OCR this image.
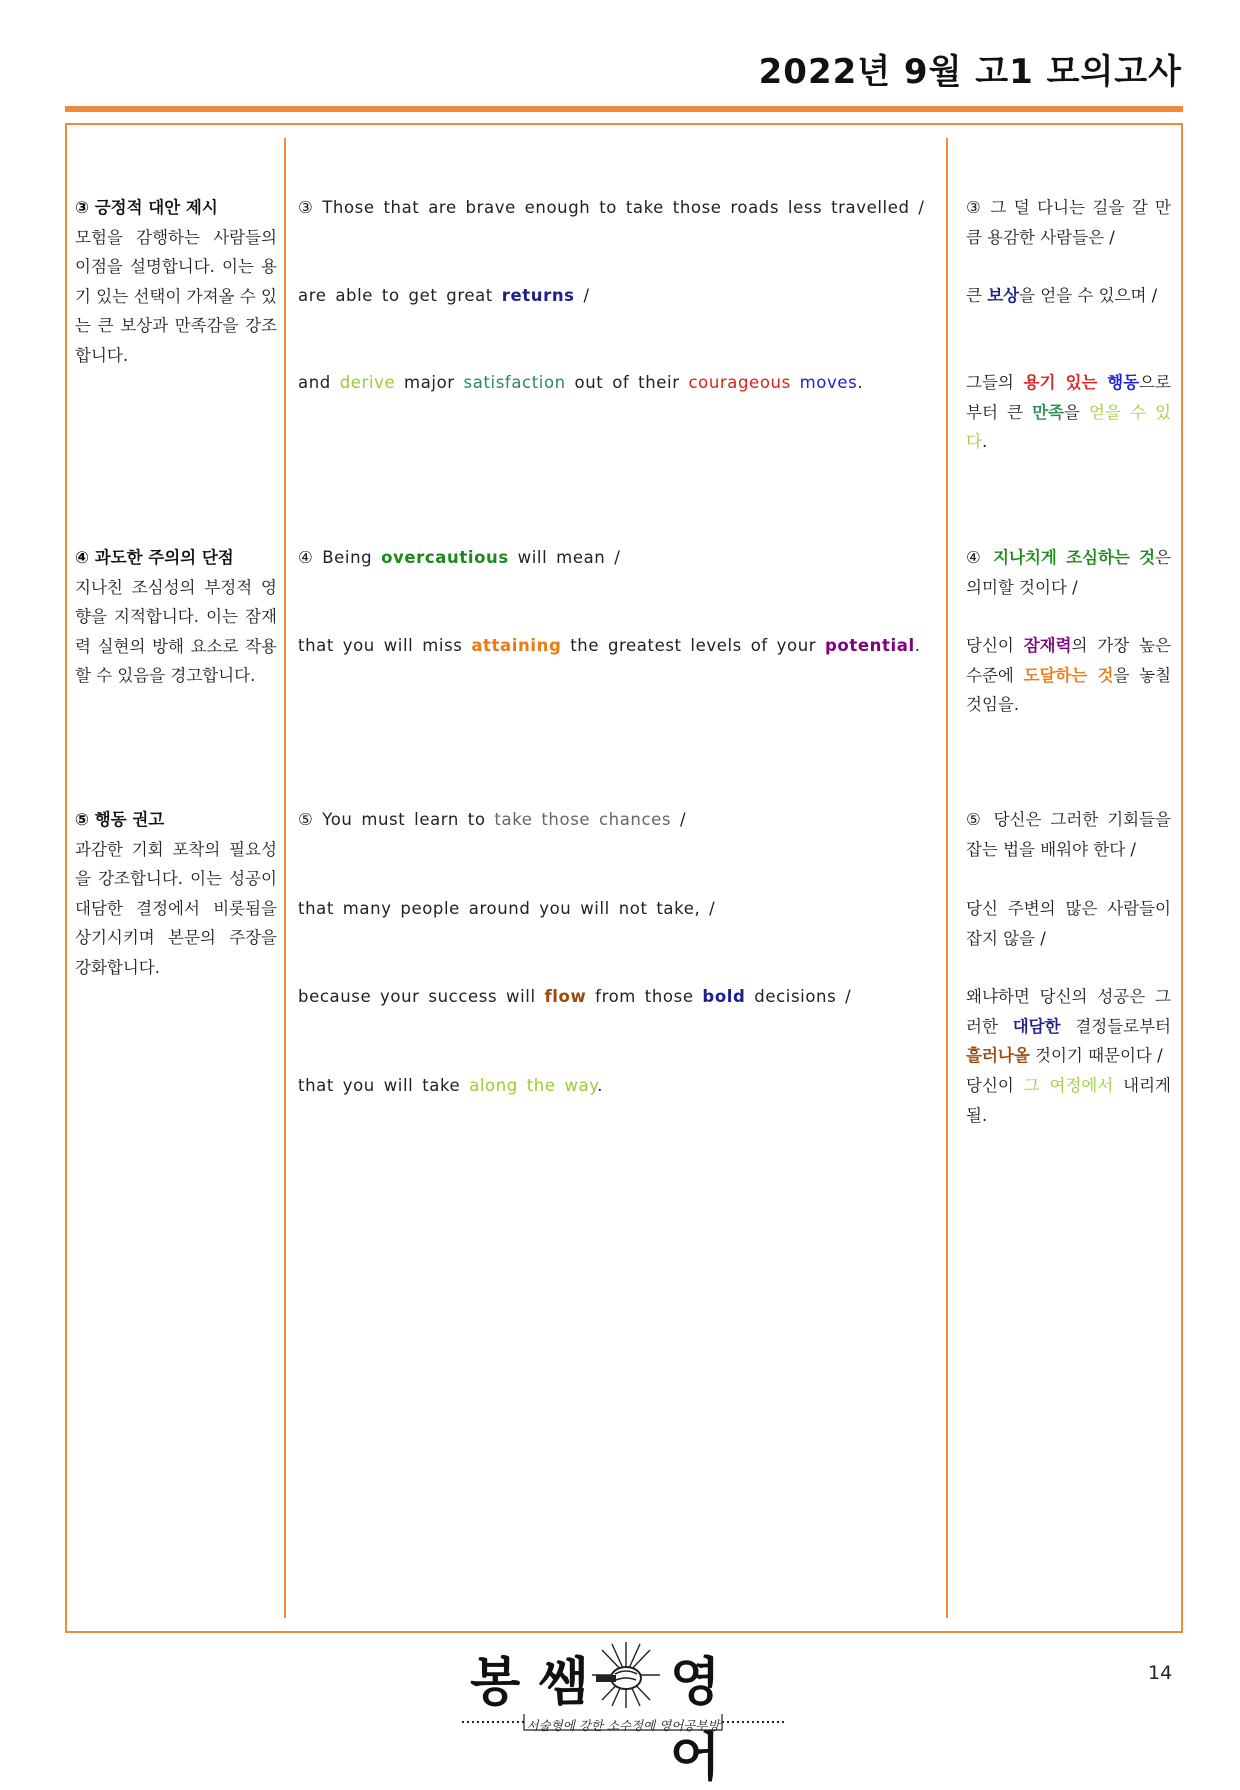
2022년 9월 고1 모의고사
③ 긍정적 대안 제시
모험을 감행하는 사람들의 이점을 설명합니다. 이는 용기 있는 선택이 가져올 수 있는 큰 보상과 만족감을 강조합니다.
③ Those that are brave enough to take those roads less travelled /
are able to get great returns /
and derive major satisfaction out of their courageous moves.
③ 그 덜 다니는 길을 갈 만큼 용감한 사람들은 /
큰 보상을 얻을 수 있으며 /
그들의 용기 있는 행동으로부터 큰 만족을 얻을 수 있다.
④ 과도한 주의의 단점
지나친 조심성의 부정적 영향을 지적합니다. 이는 잠재력 실현의 방해 요소로 작용할 수 있음을 경고합니다.
④ Being overcautious will mean /
that you will miss attaining the greatest levels of your potential.
④ 지나치게 조심하는 것은 의미할 것이다 /
당신이 잠재력의 가장 높은 수준에 도달하는 것을 놓칠 것임을.
⑤ 행동 권고
과감한 기회 포착의 필요성을 강조합니다. 이는 성공이 대담한 결정에서 비롯됨을 상기시키며 본문의 주장을 강화합니다.
⑤ You must learn to take those chances /
that many people around you will not take, /
because your success will flow from those bold decisions /
that you will take along the way.
⑤ 당신은 그러한 기회들을 잡는 법을 배워야 한다 /
당신 주변의 많은 사람들이 잡지 않을 /
왜냐하면 당신의 성공은 그러한 대담한 결정들로부터 흘러나올 것이기 때문이다 /
당신이 그 여정에서 내리게 될.
봉 쌤 영 어
서술형에 강한 소수정예 영어공부방
14
